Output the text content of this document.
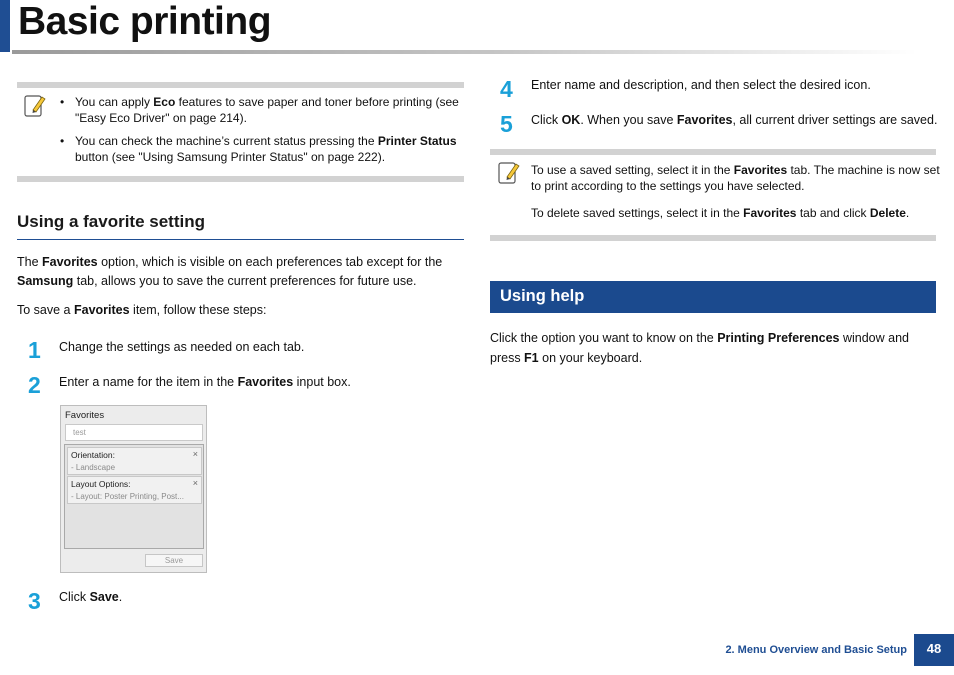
Basic printing
• You can apply Eco features to save paper and toner before printing (see
"Easy Eco Driver" on page 214).
• You can check the machine’s current status pressing the Printer Status
button (see "Using Samsung Printer Status" on page 222).
Using a favorite setting
The Favorites option, which is visible on each preferences tab except for the
Samsung tab, allows you to save the current preferences for future use.
To save a Favorites item, follow these steps:
1 Change the settings as needed on each tab.
2 Enter a name for the item in the Favorites input box.
Favorites
test
Orientation:
- Landscape
×
Layout Options:
- Layout: Poster Printing, Post...
×
Save
3 Click Save.
4 Enter name and description, and then select the desired icon.
5 Click OK. When you save Favorites, all current driver settings are saved.
To use a saved setting, select it in the Favorites tab. The machine is now set
to print according to the settings you have selected.
To delete saved settings, select it in the Favorites tab and click Delete.
Using help
Click the option you want to know on the Printing Preferences window and
press F1 on your keyboard.
2. Menu Overview and Basic Setup	48
